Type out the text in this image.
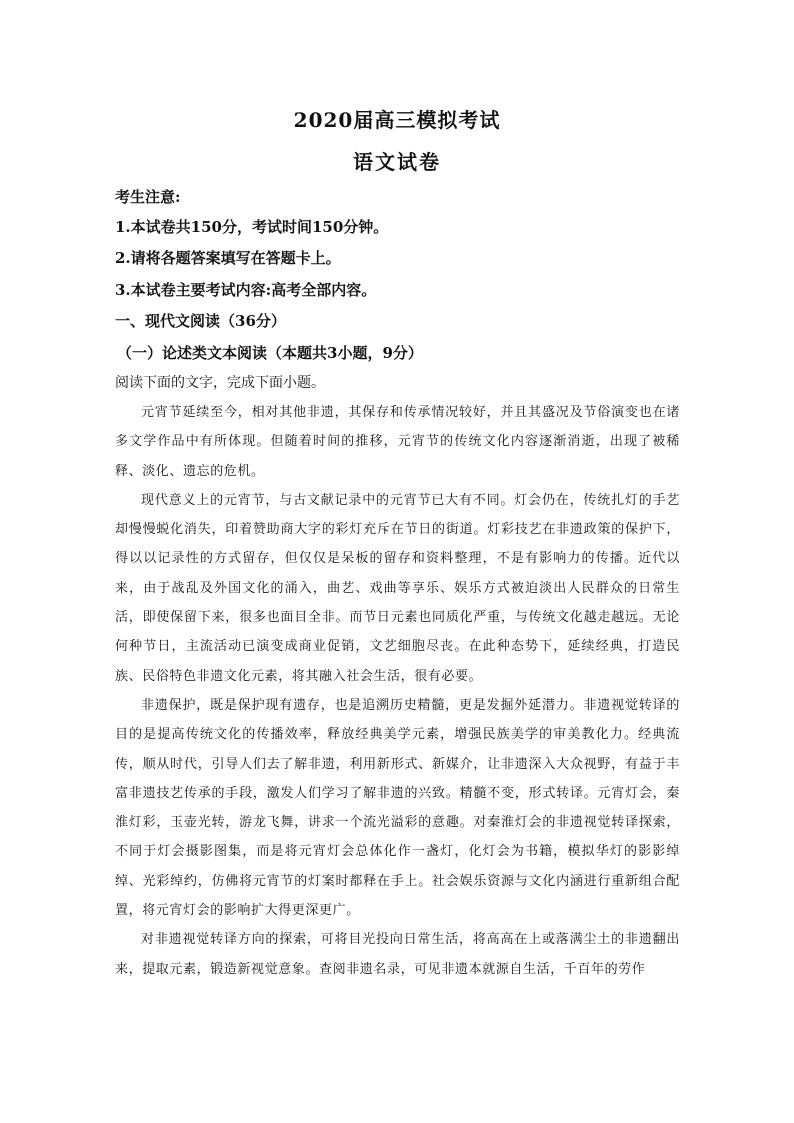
2020届高三模拟考试
语文试卷
考生注意:
1.本试卷共150分，考试时间150分钟。
2.请将各题答案填写在答题卡上。
3.本试卷主要考试内容:高考全部内容。
一、现代文阅读（36分）
（一）论述类文本阅读（本题共3小题，9分）
阅读下面的文字，完成下面小题。

元宵节延续至今，相对其他非遗，其保存和传承情况较好，并且其盛况及节俗演变也在诸多文学作品中有所体现。但随着时间的推移，元宵节的传统文化内容逐渐消逝，出现了被稀释、淡化、遗忘的危机。

现代意义上的元宵节，与古文献记录中的元宵节已大有不同。灯会仍在，传统扎灯的手艺却慢慢蜕化消失，印着赞助商大字的彩灯充斥在节日的街道。灯彩技艺在非遗政策的保护下，得以以记录性的方式留存，但仅仅是呆板的留存和资料整理，不是有影响力的传播。近代以来，由于战乱及外国文化的涌入，曲艺、戏曲等享乐、娱乐方式被迫淡出人民群众的日常生活，即使保留下来，很多也面目全非。而节日元素也同质化严重，与传统文化越走越远。无论何种节日，主流活动已演变成商业促销，文艺细胞尽丧。在此种态势下，延续经典，打造民族、民俗特色非遗文化元素，将其融入社会生活，很有必要。

非遗保护，既是保护现有遗存，也是追溯历史精髓，更是发掘外延潜力。非遗视觉转译的目的是提高传统文化的传播效率，释放经典美学元素，增强民族美学的审美教化力。经典流传，顺从时代，引导人们去了解非遗，利用新形式、新媒介，让非遗深入大众视野，有益于丰富非遗技艺传承的手段，激发人们学习了解非遗的兴致。精髓不变，形式转译。元宵灯会，秦淮灯彩，玉壶光转，游龙飞舞，讲求一个流光溢彩的意趣。对秦淮灯会的非遗视觉转译探索，不同于灯会摄影图集，而是将元宵灯会总体化作一盏灯，化灯会为书籍，模拟华灯的影影绰绰、光彩绰约，仿佛将元宵节的灯案时都释在手上。社会娱乐资源与文化内涵进行重新组合配置，将元宵灯会的影响扩大得更深更广。

对非遗视觉转译方向的探索，可将目光投向日常生活，将高高在上或落满尘土的非遗翻出来，提取元素，锻造新视觉意象。查阅非遗名录，可见非遗本就源自生活，千百年的劳作
